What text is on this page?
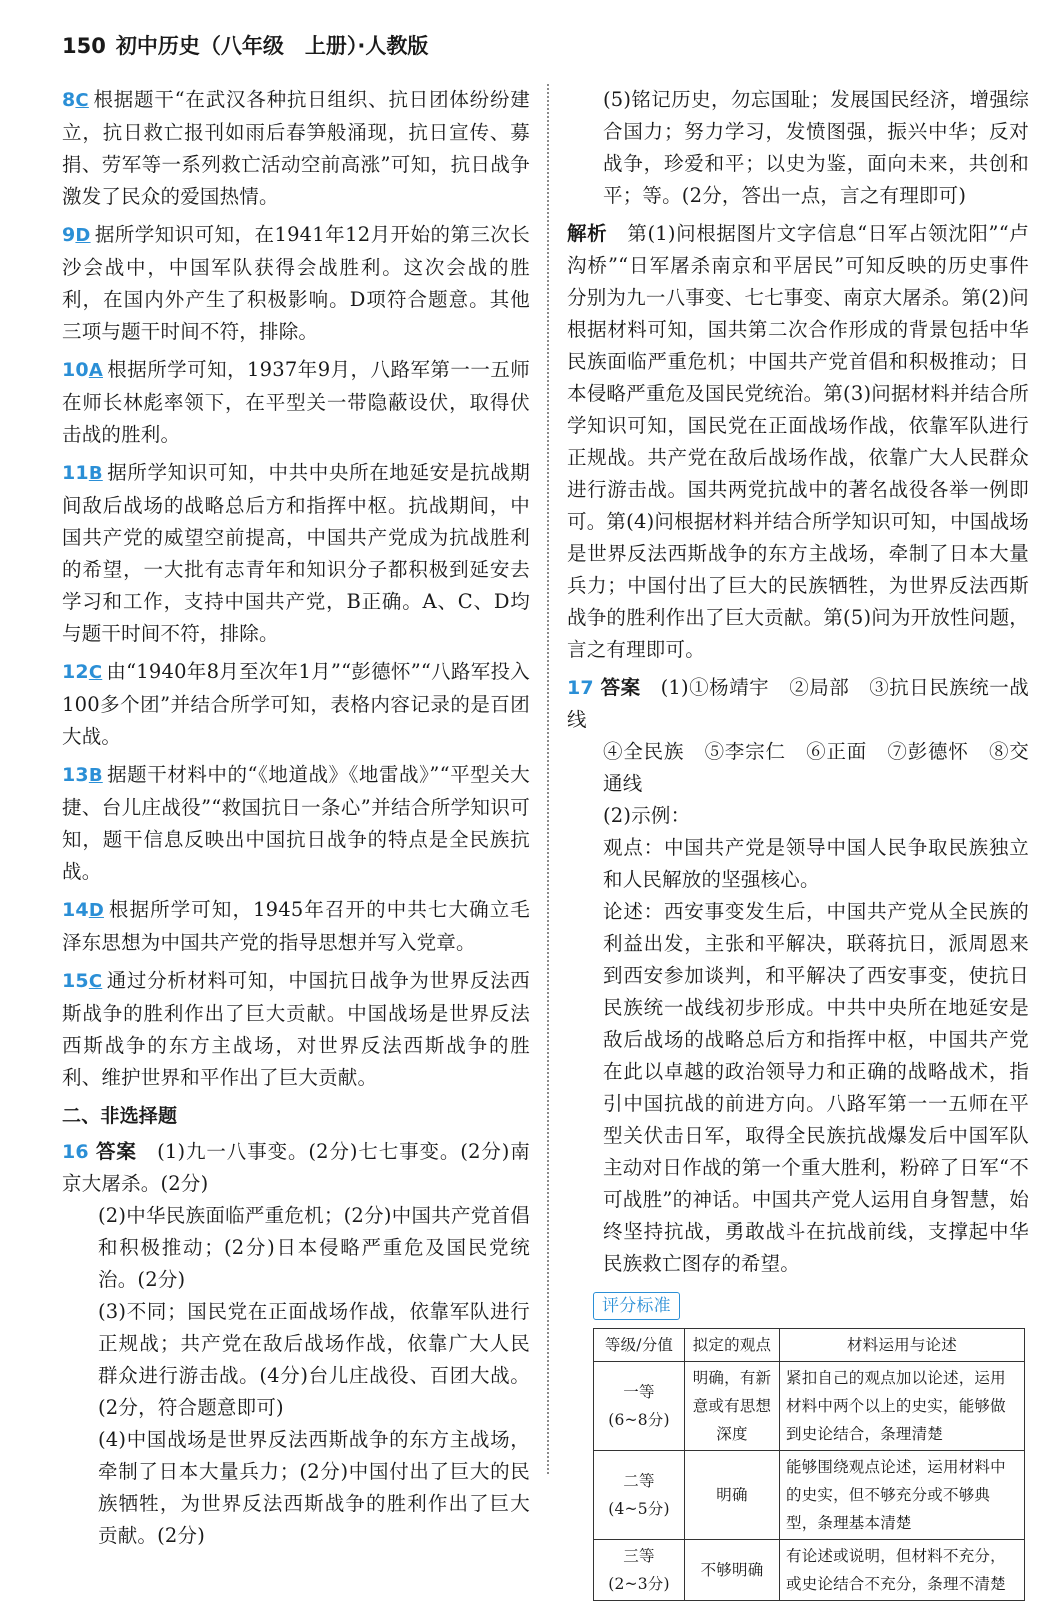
150 初中历史（八年级　上册）·人教版
8C 根据题干“在武汉各种抗日组织、抗日团体纷纷建立，抗日救亡报刊如雨后春笋般涌现，抗日宣传、募捐、劳军等一系列救亡活动空前高涨”可知，抗日战争激发了民众的爱国热情。
9D 据所学知识可知，在1941年12月开始的第三次长沙会战中，中国军队获得会战胜利。这次会战的胜利，在国内外产生了积极影响。D项符合题意。其他三项与题干时间不符，排除。
10A 根据所学可知，1937年9月，八路军第一一五师在师长林彪率领下，在平型关一带隐蔽设伏，取得伏击战的胜利。
11B 据所学知识可知，中共中央所在地延安是抗战期间敌后战场的战略总后方和指挥中枢。抗战期间，中国共产党的威望空前提高，中国共产党成为抗战胜利的希望，一大批有志青年和知识分子都积极到延安去学习和工作，支持中国共产党，B正确。A、C、D均与题干时间不符，排除。
12C 由“1940年8月至次年1月”“彭德怀”“八路军投入100多个团”并结合所学可知，表格内容记录的是百团大战。
13B 据题干材料中的“《地道战》《地雷战》”“平型关大捷、台儿庄战役”“救国抗日一条心”并结合所学知识可知，题干信息反映出中国抗日战争的特点是全民族抗战。
14D 根据所学可知，1945年召开的中共七大确立毛泽东思想为中国共产党的指导思想并写入党章。
15C 通过分析材料可知，中国抗日战争为世界反法西斯战争的胜利作出了巨大贡献。中国战场是世界反法西斯战争的东方主战场，对世界反法西斯战争的胜利、维护世界和平作出了巨大贡献。
二、非选择题

16 答案　 (1)九一八事变。(2分)七七事变。(2分)南京大屠杀。(2分)

(2)中华民族面临严重危机；(2分)中国共产党首倡和积极推动；(2分)日本侵略严重危及国民党统治。(2分)

(3)不同；国民党在正面战场作战，依靠军队进行正规战；共产党在敌后战场作战，依靠广大人民群众进行游击战。(4分)台儿庄战役、百团大战。(2分，符合题意即可)

(4)中国战场是世界反法西斯战争的东方主战场，牵制了日本大量兵力；(2分)中国付出了巨大的民族牺牲，为世界反法西斯战争的胜利作出了巨大贡献。(2分)

(5)铭记历史，勿忘国耻；发展国民经济，增强综合国力；努力学习，发愤图强，振兴中华；反对战争，珍爱和平；以史为鉴，面向未来，共创和平；等。(2分，答出一点，言之有理即可)
解析　 第(1)问根据图片文字信息“日军占领沈阳”“卢沟桥”“日军屠杀南京和平居民”可知反映的历史事件分别为九一八事变、七七事变、南京大屠杀。第(2)问根据材料可知，国共第二次合作形成的背景包括中华民族面临严重危机；中国共产党首倡和积极推动；日本侵略严重危及国民党统治。第(3)问据材料并结合所学知识可知，国民党在正面战场作战，依靠军队进行正规战。共产党在敌后战场作战，依靠广大人民群众进行游击战。国共两党抗战中的著名战役各举一例即可。第(4)问根据材料并结合所学知识可知，中国战场是世界反法西斯战争的东方主战场，牵制了日本大量兵力；中国付出了巨大的民族牺牲，为世界反法西斯战争的胜利作出了巨大贡献。第(5)问为开放性问题，言之有理即可。

17 答案　 (1)①杨靖宇　②局部　③抗日民族统一战线

④全民族　⑤李宗仁　⑥正面　⑦彭德怀　⑧交通线

(2)示例：

观点：中国共产党是领导中国人民争取民族独立和人民解放的坚强核心。

论述：西安事变发生后，中国共产党从全民族的利益出发，主张和平解决，联蒋抗日，派周恩来到西安参加谈判，和平解决了西安事变，使抗日民族统一战线初步形成。中共中央所在地延安是敌后战场的战略总后方和指挥中枢，中国共产党在此以卓越的政治领导力和正确的战略战术，指引中国抗战的前进方向。八路军第一一五师在平型关伏击日军，取得全民族抗战爆发后中国军队主动对日作战的第一个重大胜利，粉碎了日军“不可战胜”的神话。中国共产党人运用自身智慧，始终坚持抗战，勇敢战斗在抗战前线，支撑起中华民族救亡图存的希望。

评分标准
等级/分值	拟定的观点	材料运用与论述
一等
(6~8分)	明确，有新意或有思想深度	紧扣自己的观点加以论述，运用材料中两个以上的史实，能够做到史论结合，条理清楚
二等
(4~5分)	明确	能够围绕观点论述，运用材料中的史实，但不够充分或不够典型，条理基本清楚
三等
(2~3分)	不够明确	有论述或说明，但材料不充分，或史论结合不充分，条理不清楚
